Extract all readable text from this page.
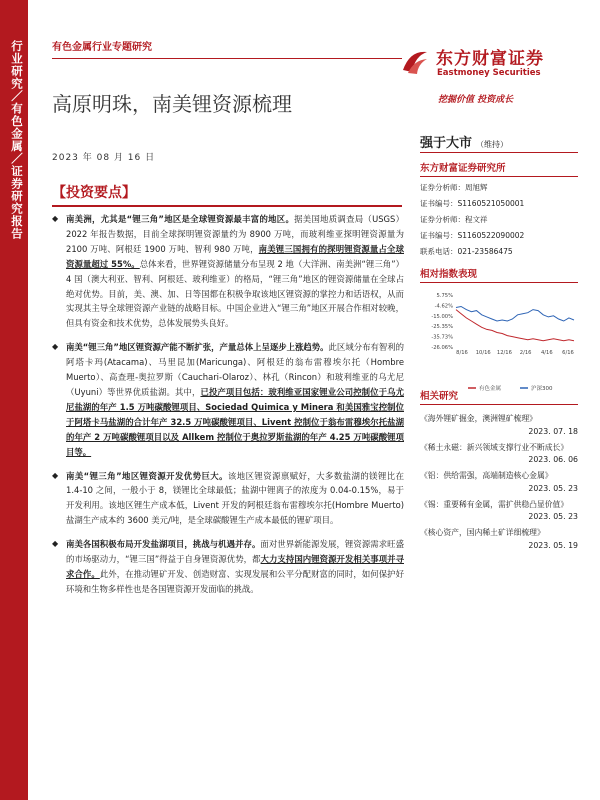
行业研究／有色金属／证券研究报告	有色金属行业专题研究
东方财富证券
Eastmoney Securities
挖掘价值 投资成长
高原明珠，南美锂资源梳理
2023 年 08 月 16 日
【投资要点】
◆ 南美洲，尤其是“锂三角”地区是全球锂资源最丰富的地区。据美国地质调查局（USGS）2022 年报告数据，目前全球探明锂资源量约为 8900 万吨，而玻利维亚探明锂资源量为 2100 万吨、阿根廷 1900 万吨、智利 980 万吨，南美锂三国拥有的探明锂资源量占全球资源量超过 55%。总体来看，世界锂资源储量分布呈现 2 地（大洋洲、南美洲“锂三角”）4 国（澳大利亚、智利、阿根廷、玻利维亚）的格局，“锂三角”地区的锂资源储量在全球占绝对优势。目前，美、澳、加、日等国都在积极争取该地区锂资源的掌控力和话语权，从而实现其主导全球锂资源产业链的战略目标。中国企业进入“锂三角”地区开展合作相对较晚，但具有资金和技术优势，总体发展势头良好。
◆ 南美“锂三角”地区锂资源产能不断扩张，产量总体上呈逐步上涨趋势。此区域分布有智利的阿塔卡玛(Atacama)、马里昆加(Maricunga)、阿根廷的翁布雷穆埃尔托（Hombre Muerto）、高查理-奥拉罗斯（Cauchari-Olaroz）、林孔（Rincon）和玻利维亚的乌尤尼（Uyuni）等世界优质盐湖。其中，已投产项目包括：玻利维亚国家锂业公司控制位于乌尤尼盐湖的年产 1.5 万吨碳酸锂项目、Sociedad Quimica y Minera 和美国雅宝控制位于阿塔卡马盐湖的合计年产 32.5 万吨碳酸锂项目、Livent 控制位于翁布雷穆埃尔托盐湖的年产 2 万吨碳酸锂项目以及 Allkem 控制位于奥拉罗斯盐湖的年产 4.25 万吨碳酸锂项目等。
◆ 南美“锂三角”地区锂资源开发优势巨大。该地区锂资源禀赋好，大多数盐湖的镁锂比在 1.4-10 之间，一般小于 8，镁锂比全球最低；盐湖中锂离子的浓度为 0.04-0.15%，易于开发利用。该地区锂生产成本低，Livent 开发的阿根廷翁布雷穆埃尔托(Hombre Muerto)盐湖生产成本约 3600 美元/吨，是全球碳酸锂生产成本最低的锂矿项目。
◆ 南美各国积极布局开发盐湖项目，挑战与机遇并存。面对世界新能源发展，锂资源需求旺盛的市场驱动力，“锂三国”得益于自身锂资源优势，都大力支持国内锂资源开发相关事项并寻求合作。此外，在推动锂矿开发、创造财富、实现发展和公平分配财富的同时，如何保护好环境和生物多样性也是各国锂资源开发面临的挑战。
强于大市 （维持）
东方财富证券研究所
证券分析师：周旭辉
证书编号：S1160521050001
证券分析师：程文祥
证书编号：S1160522090002
联系电话：021-23586475
相对指数表现
5.75%
-4.62%
-15.00%
-25.35%
-35.73%
-26.06%
8/16 10/16 12/16 2/16 4/16 6/16
有色金属	沪深300
相关研究
《海外锂矿掘金，澳洲锂矿梳理》
2023. 07. 18
《稀土永磁：新兴领域支撑行业不断成长》
2023. 06. 06
《铝：供给需强，高端制造核心金属》
2023. 05. 23
《锡：重要稀有金属，需扩供稳凸显价值》
2023. 05. 23
《核心资产，国内稀土矿详细梳理》
2023. 05. 19
